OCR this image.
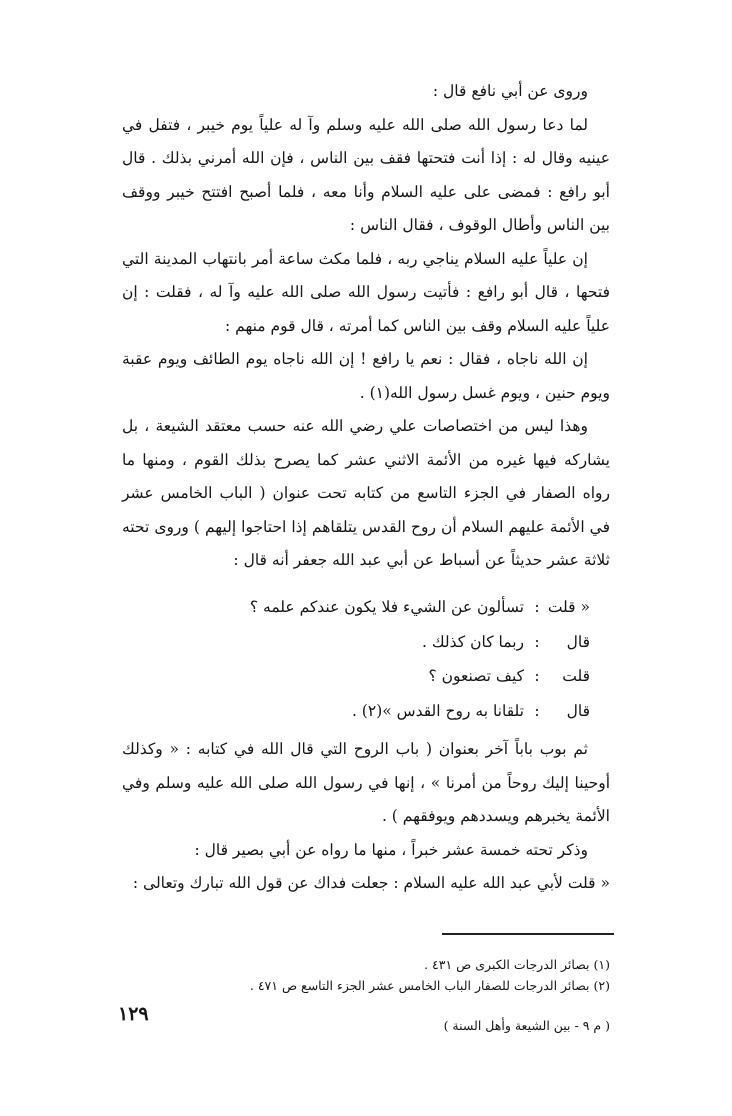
وروى عن أبي نافع قال :

لما دعا رسول الله صلى الله عليه وسلم وآ له علياً يوم خيبر ، فتفل في عينيه وقال له : إذا أنت فتحتها فقف بين الناس ، فإن الله أمرني بذلك . قال أبو رافع : فمضى على عليه السلام وأنا معه ، فلما أصبح افتتح خيبر ووقف بين الناس وأطال الوقوف ، فقال الناس :

إن علياً عليه السلام يناجي ربه ، فلما مكث ساعة أمر بانتهاب المدينة التي فتحها ، قال أبو رافع : فأتيت رسول الله صلى الله عليه وآ له ، فقلت : إن علياً عليه السلام وقف بين الناس كما أمرته ، قال قوم منهم :

إن الله ناجاه ، فقال : نعم يا رافع ! إن الله ناجاه يوم الطائف ويوم عقبة ويوم حنين ، ويوم غسل رسول الله(١) .

وهذا ليس من اختصاصات علي رضي الله عنه حسب معتقد الشيعة ، بل يشاركه فيها غيره من الأئمة الاثني عشر كما يصرح بذلك القوم ، ومنها ما رواه الصفار في الجزء التاسع من كتابه تحت عنوان ( الباب الخامس عشر في الأئمة عليهم السلام أن روح القدس يتلقاهم إذا احتاجوا إليهم ) وروى تحته ثلاثة عشر حديثاً عن أسباط عن أبي عبد الله جعفر أنه قال :

« قلت:تسألون عن الشيء فلا يكون عندكم علمه ؟
قال:ربما كان كذلك .
قلت:كيف تصنعون ؟
قال:تلقانا به روح القدس »(٢) .

ثم بوب باباً آخر بعنوان ( باب الروح التي قال الله في كتابه : « وكذلك أوحينا إليك روحاً من أمرنا » ، إنها في رسول الله صلى الله عليه وسلم وفي الأئمة يخبرهم ويسددهم ويوفقهم ) .

وذكر تحته خمسة عشر خبراً ، منها ما رواه عن أبي بصير قال :

« قلت لأبي عبد الله عليه السلام : جعلت فداك عن قول الله تبارك وتعالى :

(١) بصائر الدرجات الكبرى ص ٤٣١ .
(٢) بصائر الدرجات للصفار الباب الخامس عشر الجزء التاسع ص ٤٧١ .
١٢٩
( م ٩ - بين الشيعة وأهل السنة )
